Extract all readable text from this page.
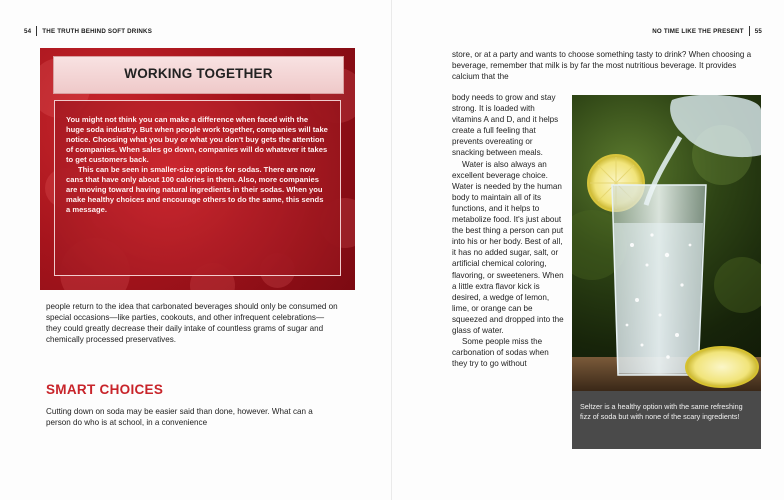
54 THE TRUTH BEHIND SOFT DRINKS
WORKING TOGETHER

You might not think you can make a difference when faced with the huge soda industry. But when people work together, companies will take notice. Choosing what you buy or what you don't buy gets the attention of companies. When sales go down, companies will do whatever it takes to get customers back.

This can be seen in smaller-size options for sodas. There are now cans that have only about 100 calories in them. Also, more companies are moving toward having natural ingredients in their sodas. When you make healthy choices and encourage others to do the same, this sends a message.

people return to the idea that carbonated beverages should only be consumed on special occasions—like parties, cookouts, and other infrequent celebrations—they could greatly decrease their daily intake of countless grams of sugar and chemically processed preservatives.

SMART CHOICES

Cutting down on soda may be easier said than done, however. What can a person do who is at school, in a convenience

NO TIME LIKE THE PRESENT 55

store, or at a party and wants to choose something tasty to drink? When choosing a beverage, remember that milk is by far the most nutritious beverage. It provides calcium that the

body needs to grow and stay strong. It is loaded with vitamins A and D, and it helps create a full feeling that prevents overeating or snacking between meals.

Water is also always an excellent beverage choice. Water is needed by the human body to maintain all of its functions, and it helps to metabolize food. It's just about the best thing a person can put into his or her body. Best of all, it has no added sugar, salt, or artificial chemical coloring, flavoring, or sweeteners. When a little extra flavor kick is desired, a wedge of lemon, lime, or orange can be squeezed and dropped into the glass of water.

Some people miss the carbonation of sodas when they try to go without

Seltzer is a healthy option with the same refreshing fizz of soda but with none of the scary ingredients!
